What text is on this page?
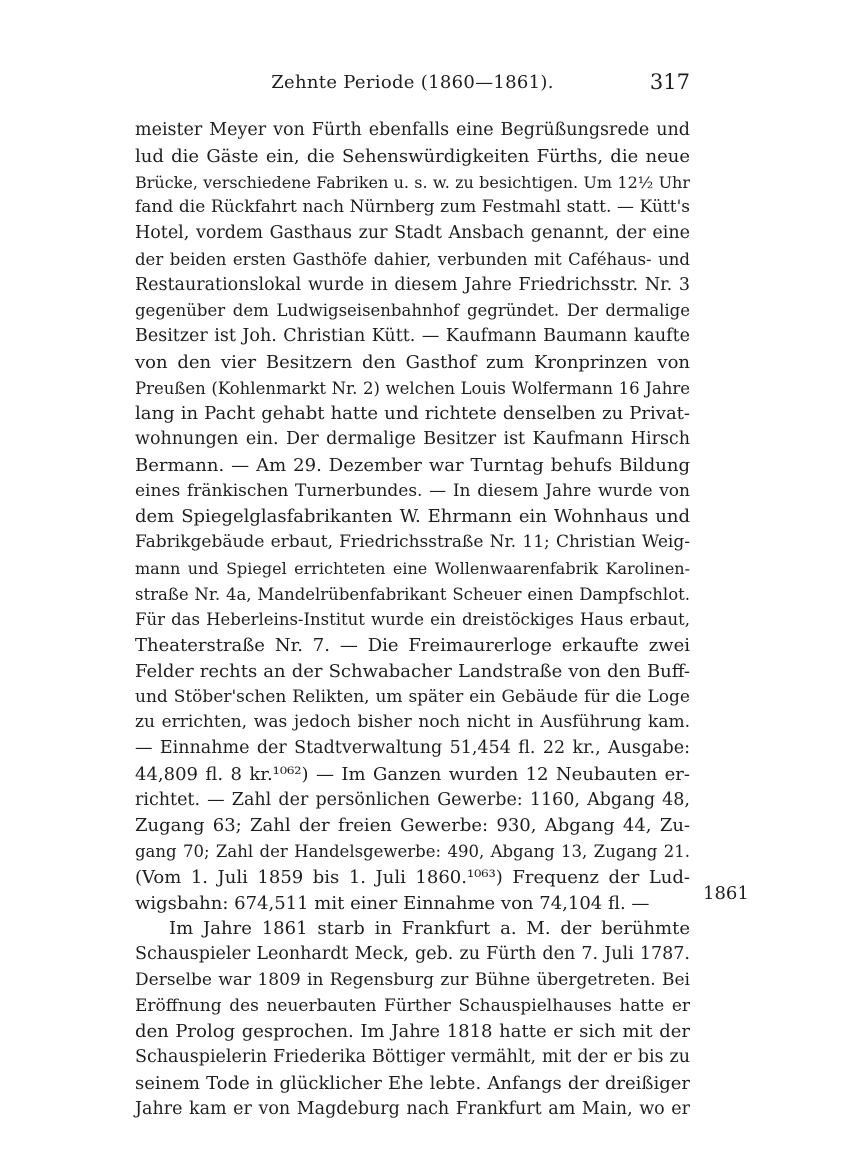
Zehnte Periode (1860—1861).	317
meister Meyer von Fürth ebenfalls eine Begrüßungsrede und
lud die Gäste ein, die Sehenswürdigkeiten Fürths, die neue
Brücke, verschiedene Fabriken u. s. w. zu besichtigen. Um 12½ Uhr
fand die Rückfahrt nach Nürnberg zum Festmahl statt. — Kütt's
Hotel, vordem Gasthaus zur Stadt Ansbach genannt, der eine
der beiden ersten Gasthöfe dahier, verbunden mit Caféhaus- und
Restaurationslokal wurde in diesem Jahre Friedrichsstr. Nr. 3
gegenüber dem Ludwigseisenbahnhof gegründet. Der dermalige
Besitzer ist Joh. Christian Kütt. — Kaufmann Baumann kaufte
von den vier Besitzern den Gasthof zum Kronprinzen von
Preußen (Kohlenmarkt Nr. 2) welchen Louis Wolfermann 16 Jahre
lang in Pacht gehabt hatte und richtete denselben zu Privat-
wohnungen ein. Der dermalige Besitzer ist Kaufmann Hirsch
Bermann. — Am 29. Dezember war Turntag behufs Bildung
eines fränkischen Turnerbundes. — In diesem Jahre wurde von
dem Spiegelglasfabrikanten W. Ehrmann ein Wohnhaus und
Fabrikgebäude erbaut, Friedrichsstraße Nr. 11; Christian Weig-
mann und Spiegel errichteten eine Wollenwaarenfabrik Karolinen-
straße Nr. 4a, Mandelrübenfabrikant Scheuer einen Dampfschlot.
Für das Heberleins-Institut wurde ein dreistöckiges Haus erbaut,
Theaterstraße Nr. 7. — Die Freimaurerloge erkaufte zwei
Felder rechts an der Schwabacher Landstraße von den Buff-
und Stöber'schen Relikten, um später ein Gebäude für die Loge
zu errichten, was jedoch bisher noch nicht in Ausführung kam.
— Einnahme der Stadtverwaltung 51,454 fl. 22 kr., Ausgabe:
44,809 fl. 8 kr.¹⁰⁶²) — Im Ganzen wurden 12 Neubauten er-
richtet. — Zahl der persönlichen Gewerbe: 1160, Abgang 48,
Zugang 63; Zahl der freien Gewerbe: 930, Abgang 44, Zu-
gang 70; Zahl der Handelsgewerbe: 490, Abgang 13, Zugang 21.
(Vom 1. Juli 1859 bis 1. Juli 1860.¹⁰⁶³) Frequenz der Lud-
wigsbahn: 674,511 mit einer Einnahme von 74,104 fl. —
Im Jahre 1861 starb in Frankfurt a. M. der berühmte
Schauspieler Leonhardt Meck, geb. zu Fürth den 7. Juli 1787.
Derselbe war 1809 in Regensburg zur Bühne übergetreten. Bei
Eröffnung des neuerbauten Fürther Schauspielhauses hatte er
den Prolog gesprochen. Im Jahre 1818 hatte er sich mit der
Schauspielerin Friederika Böttiger vermählt, mit der er bis zu
seinem Tode in glücklicher Ehe lebte. Anfangs der dreißiger
Jahre kam er von Magdeburg nach Frankfurt am Main, wo er
1861
